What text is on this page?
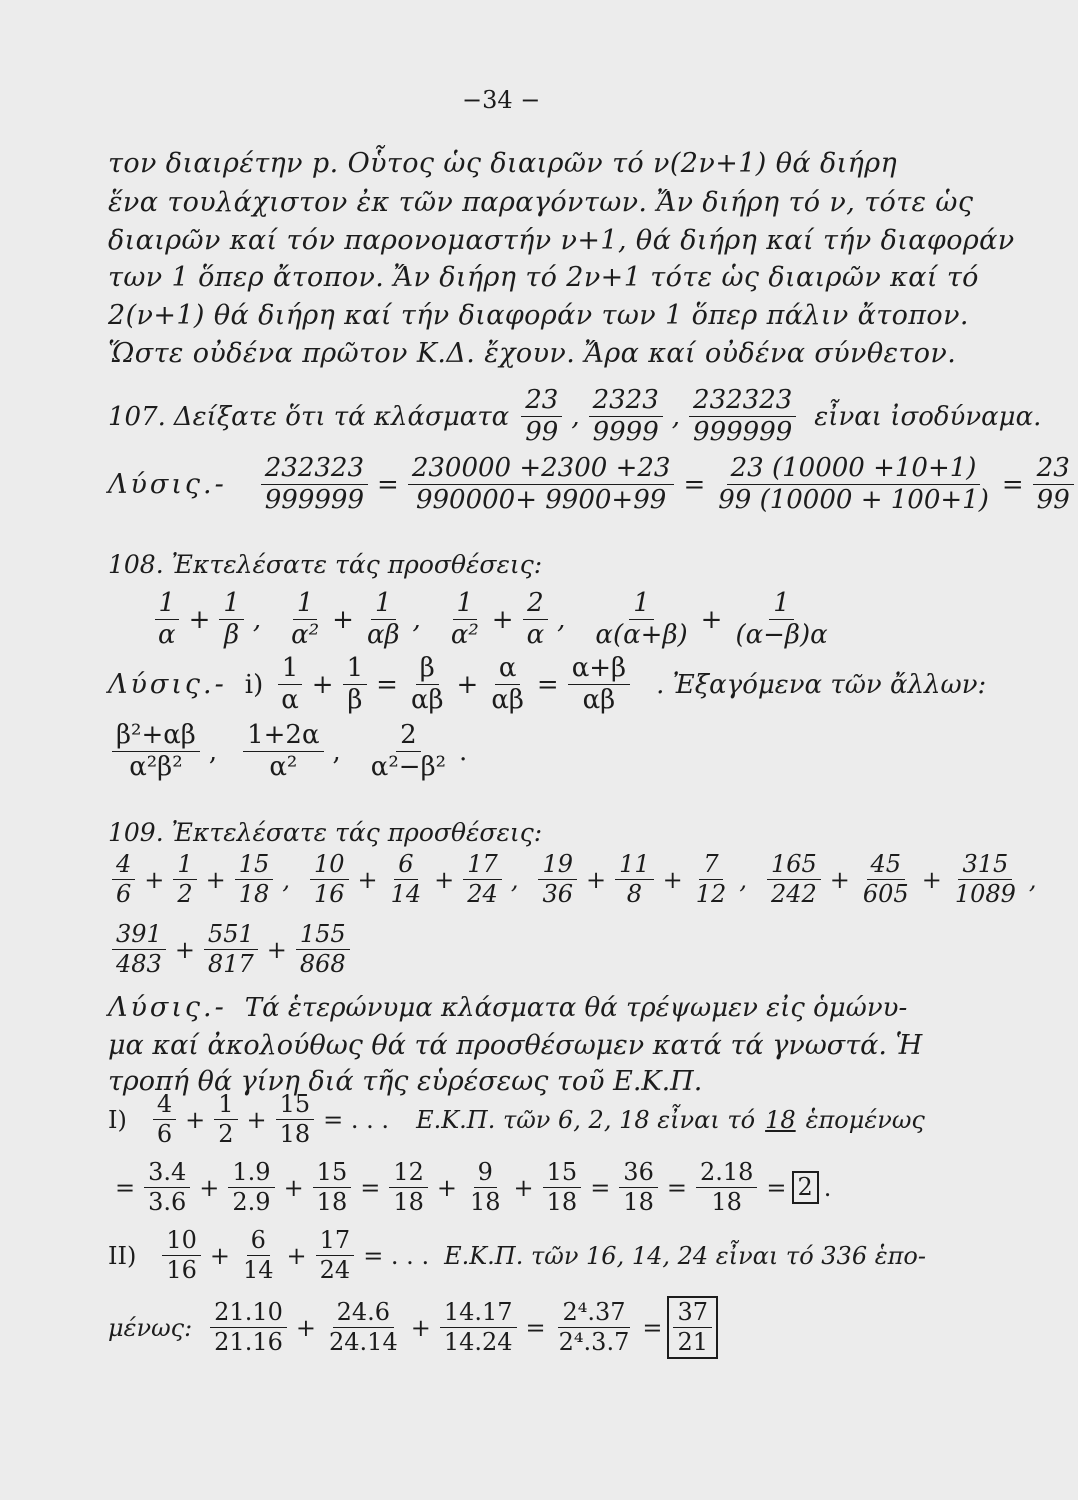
−34 −
τον διαιρέτην p. Οὗτος ὡς διαιρῶν τό ν(2ν+1) θά διήρη
ἕνα τουλάχιστον ἐκ τῶν παραγόντων. Ἄν διήρη τό ν, τότε ὡς
διαιρῶν καί τόν παρονομαστήν ν+1, θά διήρη καί τήν διαφοράν
των 1 ὅπερ ἄτοπον. Ἄν διήρη τό 2ν+1 τότε ὡς διαιρῶν καί τό
2(ν+1) θά διήρη καί τήν διαφοράν των 1 ὅπερ πάλιν ἄτοπον.
Ὥστε οὐδένα πρῶτον Κ.Δ. ἔχουν. Ἄρα καί οὐδένα σύνθετον.
107. Δείξατε ὅτι τά κλάσματα $\frac{23}{99}$ , $\frac{2323}{9999}$ , $\frac{232323}{999999}$ εἶναι ἰσοδύναμα.
$\Lambda ύ\sigma\iota\varsigma.- \frac{232323}{999999} = \frac{230000 +2300 +23}{990000+ 9900+99} = \frac{23 (10000 +10+1)}{99 (10000 + 100+1)} = \frac{23}{99}$
108. Ἐκτελέσατε τάς προσθέσεις:
$\frac{1}{\alpha} + \frac{1}{\beta}$ , $\frac{1}{\text{α²}} + \frac{1}{\alpha\beta}$ , $\frac{1}{\text{α²}} + \frac{2}{\alpha}$ , $\frac{1}{\alpha(\alpha+\beta)} + \frac{1}{(\alpha-\beta)\alpha}$
Λύσις.- $i) \frac{1}{\alpha} + \frac{1}{\beta} = \frac{\beta}{\alpha\beta} + \frac{\alpha}{\alpha\beta} = \frac{\alpha+\beta}{\alpha\beta}$ . Ἐξαγόμενα τῶν ἄλλων:
$\frac{\text{β²+αβ}}{\text{α²β²}}$ , $\frac{1+2\alpha}{\text{α²}}$ , $\frac{2}{\text{α²−β²}}$ .
109. Ἐκτελέσατε τάς προσθέσεις:
$\frac{4}{6} + \frac{1}{2} + \frac{15}{18}$ , $\frac{10}{16} + \frac{6}{14} + \frac{17}{24}$ , $\frac{19}{36} + \frac{11}{8} + \frac{7}{12}$ , $\frac{165}{242} + \frac{45}{605} + \frac{315}{1089}$ ,
$\frac{391}{483} + \frac{551}{817} + \frac{155}{868}$
Λύσις.- Τά ἑτερώνυμα κλάσματα θά τρέψωμεν εἰς ὁμώνυ-
μα καί ἀκολούθως θά τά προσθέσωμεν κατά τά γνωστά. Ἡ
τροπή θά γίνη διά τῆς εὑρέσεως τοῦ Ε.Κ.Π.
$I) \frac{4}{6} + \frac{1}{2} + \frac{15}{18}$ = . . . Ε.Κ.Π. τῶν 6, 2, 18 εἶναι τό 18 ἑπομένως
= $\frac{3.4}{3.6} + \frac{1.9}{2.9} + \frac{15}{18} = \frac{12}{18} + \frac{9}{18} + \frac{15}{18} = \frac{36}{18} = \frac{2.18}{18} = 2$ .
$II) \frac{10}{16} + \frac{6}{14} + \frac{17}{24}$ = . . . Ε.Κ.Π. τῶν 16, 14, 24 εἶναι τό 336 ἑπο-
μένως: $\frac{21.10}{21.16} + \frac{24.6}{24.14} + \frac{14.17}{14.24} = \frac{\text{2⁴.37}}{\text{2⁴.3.7}} = \frac{37}{21}$
